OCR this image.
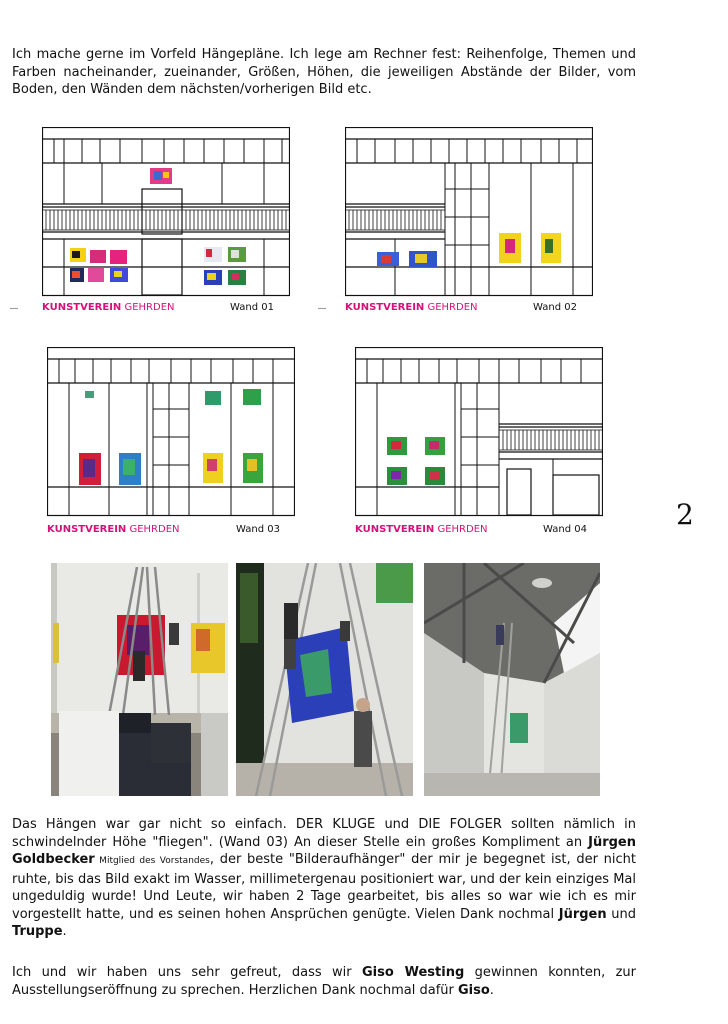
Ich mache gerne im Vorfeld Hängepläne. Ich lege am Rechner fest: Reihenfolge, Themen und Farben nacheinander, zueinander, Größen, Höhen, die jeweiligen Abstände der Bilder, vom Boden, den Wänden dem nächsten/vorherigen Bild etc.

KUNSTVEREIN GEHRDEN	Wand 01	KUNSTVEREIN GEHRDEN	Wand 02
KUNSTVEREIN GEHRDEN	Wand 03	KUNSTVEREIN GEHRDEN	Wand 04	2

Das Hängen war gar nicht so einfach. DER KLUGE und DIE FOLGER sollten nämlich in schwindelnder Höhe "fliegen". (Wand 03) An dieser Stelle ein großes Kompliment an Jürgen Goldbecker Mitglied des Vorstandes, der beste "Bilderaufhänger" der mir je begegnet ist, der nicht ruhte, bis das Bild exakt im Wasser, millimetergenau positioniert war, und der kein einziges Mal ungeduldig wurde! Und Leute, wir haben 2 Tage gearbeitet, bis alles so war wie ich es mir vorgestellt hatte, und es seinen hohen Ansprüchen genügte. Vielen Dank nochmal Jürgen und Truppe.

Ich und wir haben uns sehr gefreut, dass wir Giso Westing gewinnen konnten, zur Ausstellungseröffnung zu sprechen. Herzlichen Dank nochmal dafür Giso.
